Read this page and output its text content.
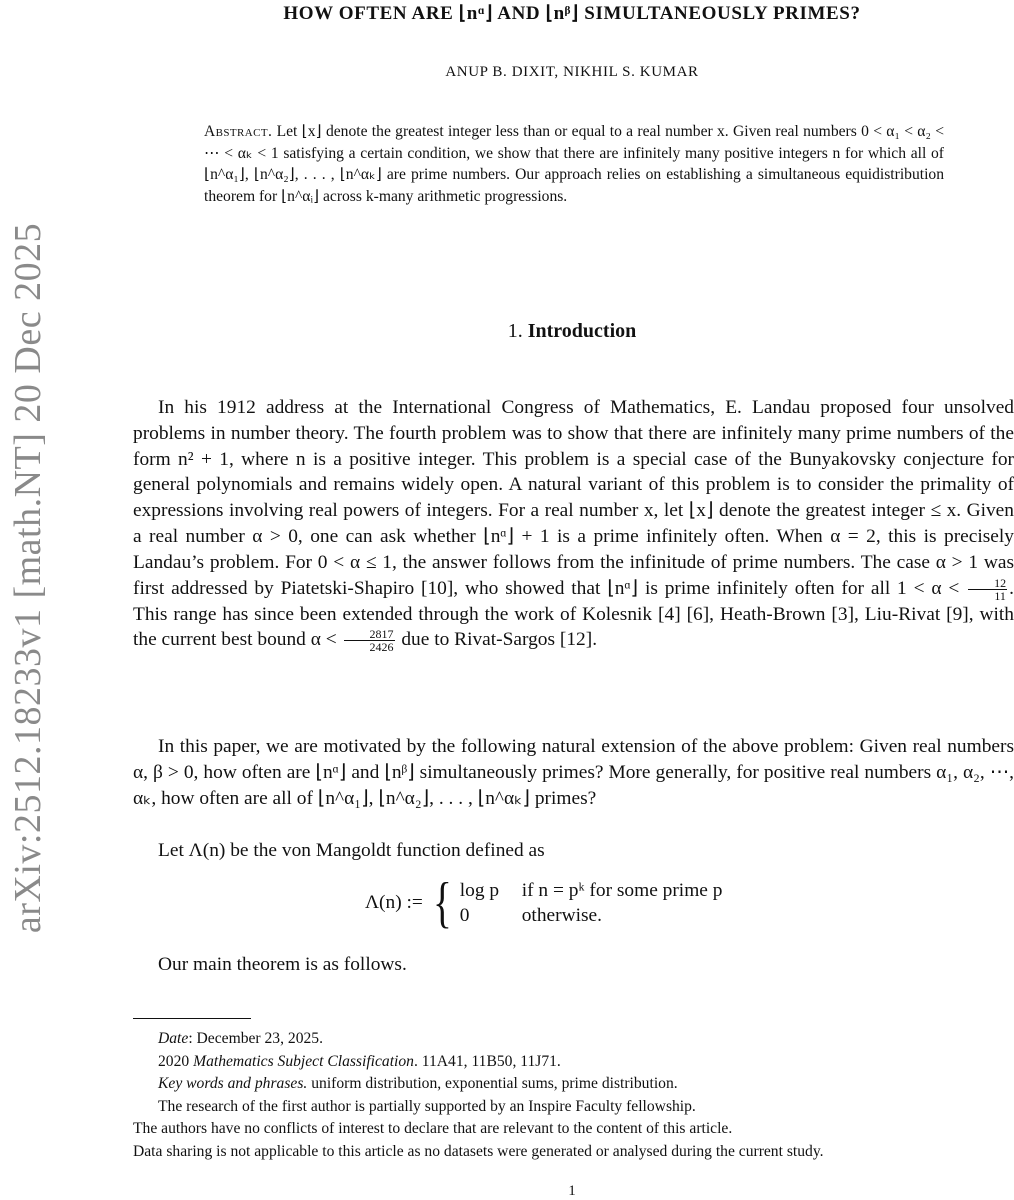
arXiv:2512.18233v1 [math.NT] 20 Dec 2025
HOW OFTEN ARE ⌊nᵅ⌋ AND ⌊nᵝ⌋ SIMULTANEOUSLY PRIMES?
ANUP B. DIXIT, NIKHIL S. KUMAR
Abstract. Let ⌊x⌋ denote the greatest integer less than or equal to a real number x. Given real numbers 0 < α₁ < α₂ < ⋯ < αₖ < 1 satisfying a certain condition, we show that there are infinitely many positive integers n for which all of ⌊n^α₁⌋, ⌊n^α₂⌋, . . . , ⌊n^αₖ⌋ are prime numbers. Our approach relies on establishing a simultaneous equidistribution theorem for ⌊n^αᵢ⌋ across k-many arithmetic progressions.
1. Introduction

In his 1912 address at the International Congress of Mathematics, E. Landau proposed four unsolved problems in number theory. The fourth problem was to show that there are infinitely many prime numbers of the form n² + 1, where n is a positive integer. This problem is a special case of the Bunyakovsky conjecture for general polynomials and remains widely open. A natural variant of this problem is to consider the primality of expressions involving real powers of integers. For a real number x, let ⌊x⌋ denote the greatest integer ≤ x. Given a real number α > 0, one can ask whether ⌊nᵅ⌋ + 1 is a prime infinitely often. When α = 2, this is precisely Landau’s problem. For 0 < α ≤ 1, the answer follows from the infinitude of prime numbers. The case α > 1 was first addressed by Piatetski-Shapiro [10], who showed that ⌊nᵅ⌋ is prime infinitely often for all $1 < \alpha < \frac{12}{11}$ . This range has since been extended through the work of Kolesnik [4] [6], Heath-Brown [3], Liu-Rivat [9], with the current best bound $\alpha < \frac{2817}{2426}$ due to Rivat-Sargos [12].

In this paper, we are motivated by the following natural extension of the above problem: Given real numbers α, β > 0, how often are ⌊nᵅ⌋ and ⌊nᵝ⌋ simultaneously primes? More generally, for positive real numbers α₁, α₂, ⋯, αₖ, how often are all of ⌊n^α₁⌋, ⌊n^α₂⌋, . . . , ⌊n^αₖ⌋ primes?

Let Λ(n) be the von Mangoldt function defined as

Λ(n) := { log p	if n = pᵏ for some prime p
0	otherwise.

Our main theorem is as follows.

Date: December 23, 2025.

2020 Mathematics Subject Classification. 11A41, 11B50, 11J71.

Key words and phrases. uniform distribution, exponential sums, prime distribution.

The research of the first author is partially supported by an Inspire Faculty fellowship.

The authors have no conflicts of interest to declare that are relevant to the content of this article.

Data sharing is not applicable to this article as no datasets were generated or analysed during the current study.

1
